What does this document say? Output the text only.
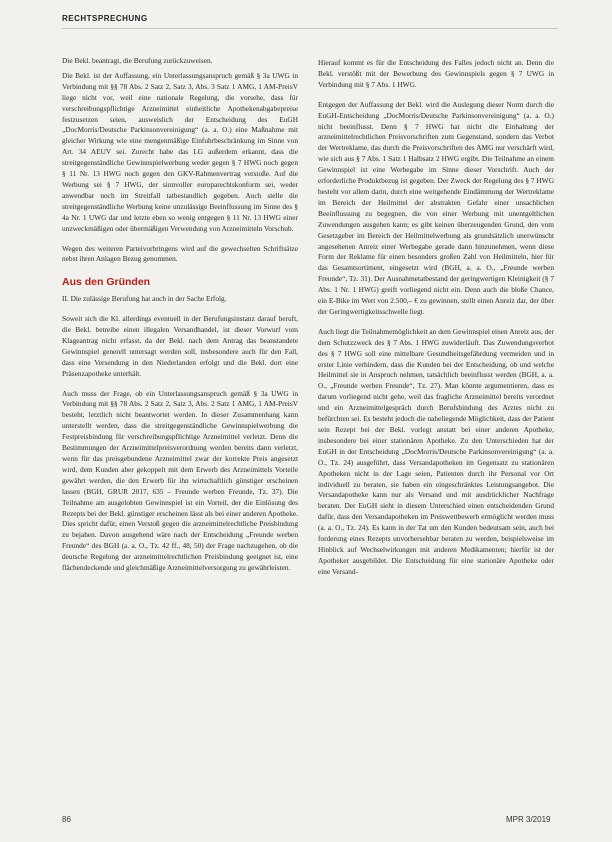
RECHTSPRECHUNG

Die Bekl. beantragt, die Berufung zurückzuweisen.

Die Bekl. ist der Auffassung, ein Unterlassungsanspruch gemäß § 3a UWG in Verbindung mit §§ 78 Abs. 2 Satz 2, Satz 3, Abs. 3 Satz 1 AMG, 1 AM-PreisV liege nicht vor, weil eine nationale Regelung, die vorsehe, dass für verschreibungspflichtige Arzneimittel einheitliche Apothekenabgabepreise festzusetzen seien, ausweislich der Entscheidung des EuGH „DocMorris/Deutsche Parkinsonvereinigung“ (a. a. O.) eine Maßnahme mit gleicher Wirkung wie eine mengenmäßige Einfuhrbeschränkung im Sinne von Art. 34 AEUV sei. Zurecht habe das LG außerdem erkannt, dass die streitgegenständliche Gewinnspielwerbung weder gegen § 7 HWG noch gegen § 11 Nr. 13 HWG noch gegen den GKV-Rahmenvertrag verstoße. Auf die Werbung sei § 7 HWG, der sinnvoller europarechtskonform sei, weder anwendbar noch im Streitfall tatbestandlich gegeben. Auch stelle die streitgegenständliche Werbung keine unzulässige Beeinflussung im Sinne des § 4a Nr. 1 UWG dar und letzte eben so wenig entgegen § 11 Nr. 13 HWG einer unzweckmäßigen oder übermäßigen Verwendung von Arzneimitteln Vorschub.

Wegen des weiteren Parteivorbringens wird auf die gewechselten Schriftsätze nebst ihren Anlagen Bezug genommen.

Aus den Gründen

II. Die zulässige Berufung hat auch in der Sache Erfolg.

Soweit sich die Kl. allerdings eventuell in der Berufungsinstanz darauf beruft, die Bekl. betreibe einen illegalen Versandhandel, ist dieser Vorwurf vom Klageantrag nicht erfasst, da der Bekl. nach dem Antrag das beanstandete Gewinnspiel generell untersagt werden soll, insbesondere auch für den Fall, dass eine Versendung in den Niederlanden erfolgt und die Bekl. dort eine Präsenzapotheke unterhält.

Auch muss der Frage, ob ein Unterlassungsanspruch gemäß § 3a UWG in Verbindung mit §§ 78 Abs. 2 Satz 2, Satz 3, Abs. 2 Satz 1 AMG, 1 AM-PreisV besteht, letztlich nicht beantwortet werden. In dieser Zusammenhang kann unterstellt werden, dass die streitgegenständliche Gewinnspielwerbung die Festpreisbindung für verschreibungspflichtige Arzneimittel verletzt. Denn die Bestimmungen der Arzneimittelpreisverordnung werden bereits dann verletzt, wenn für das preisgebundene Arzneimittel zwar der korrekte Preis angesetzt wird, dem Kunden aber gekoppelt mit dem Erwerb des Arzneimittels Vorteile gewährt werden, die den Erwerb für ihn wirtschaftlich günstiger erscheinen lassen (BGH, GRUR 2017, 635 – Freunde werben Freunde, Tz. 37). Die Teilnahme am ausgelobten Gewinnspiel ist ein Vorteil, der die Einlösung des Rezepts bei der Bekl. günstiger erscheinen lässt als bei einer anderen Apotheke. Dies spricht dafür, einen Verstoß gegen die arzneimittelrechtliche Preisbindung zu bejahen. Davon ausgehend wäre nach der Entscheidung „Freunde werben Freunde“ des BGH (a. a. O., Tz. 42 ff., 48, 50) der Frage nachzugehen, ob die deutsche Regelung der arzneimittelrechtlichen Preisbindung geeignet ist, eine flächendeckende und gleichmäßige Arzneimittelversorgung zu gewährleisten.

Hierauf kommt es für die Entscheidung des Falles jedoch nicht an. Denn die Bekl. verstößt mit der Bewerbung des Gewinnspiels gegen § 7 UWG in Verbindung mit § 7 Abs. 1 HWG.

Entgegen der Auffassung der Bekl. wird die Auslegung dieser Norm durch die EuGH-Entscheidung „DocMorris/Deutsche Parkinsonvereinigung“ (a. a. O.) nicht beeinflusst. Denn § 7 HWG hat nicht die Einhaltung der arzneimittelrechtlichen Preisvorschriften zum Gegenstand, sondern das Verbot der Wertreklame, das durch die Preisvorschriften des AMG nur verschärft wird, wie sich aus § 7 Abs. 1 Satz 1 Halbsatz 2 HWG ergibt. Die Teilnahme an einem Gewinnspiel ist eine Werbegabe im Sinne dieser Vorschrift. Auch der erforderliche Produktbezug ist gegeben. Der Zweck der Regelung des § 7 HWG besteht vor allem darin, durch eine weitgehende Eindämmung der Wertreklame im Bereich der Heilmittel der abstrakten Gefahr einer unsachlichen Beeinflussung zu begegnen, die von einer Werbung mit unentgeltlichen Zuwendungen ausgehen kann; es gibt keinen überzeugenden Grund, den vom Gesetzgeber im Bereich der Heilmittelwerbung als grundsätzlich unerwünscht angesehenen Anreiz einer Werbegabe gerade dann hinzunehmen, wenn diese Form der Reklame für einen besonders großen Zahl von Heilmitteln, hier für das Gesamtsortiment, eingesetzt wird (BGH, a. a. O., „Freunde werben Freunde“, Tz. 31). Der Ausnahmetatbestand der geringwertigen Kleinigkeit (§ 7 Abs. 1 Nr. 1 HWG) greift vorliegend nicht ein. Denn auch die bloße Chance, ein E-Bike im Wert von 2.500,– € zu gewinnen, stellt einen Anreiz dar, der über der Geringwertigkeitsschwelle liegt.

Auch liegt die Teilnahmemöglichkeit an dem Gewinnspiel einen Anreiz aus, der dem Schutzzweck des § 7 Abs. 1 HWG zuwiderläuft. Das Zuwendungsverbot des § 7 HWG soll eine mittelbare Gesundheitsgefährdung vermeiden und in erster Linie verhindern, dass die Kunden bei der Entscheidung, ob und welche Heilmittel sie in Anspruch nehmen, tatsächlich beeinflusst werden (BGH, a. a. O., „Freunde werben Freunde“, Tz. 27). Man könnte argumentieren, dass es darum vorliegend nicht gehe, weil das fragliche Arzneimittel bereits verordnet und ein Arzneimittelgespräch durch Berufsbindung des Arztes nicht zu befürchten sei. Es besteht jedoch die naheliegende Möglichkeit, dass der Patient sein Rezept bei der Bekl. vorlegt anstatt bei einer anderen Apotheke, insbesondere bei einer stationären Apotheke. Zu den Unterschieden hat der EuGH in der Entscheidung „DocMorris/Deutsche Parkinsonvereinigung“ (a. a. O., Tz. 24) ausgeführt, dass Versandapotheken im Gegensatz zu stationären Apotheken nicht in der Lage seien, Patienten durch ihr Personal vor Ort individuell zu beraten, sie haben ein eingeschränktes Leistungsangebot. Die Versandapotheke kann nur als Versand und mit ausdrücklicher Nachfrage beraten. Der EuGH sieht in diesem Unterschied einen entscheidenden Grund dafür, dass den Versandapotheken im Preiswettbewerb ermöglicht werden muss (a. a. O., Tz. 24). Es kann in der Tat um den Kunden bedeutsam sein, auch bei forderung eines Rezepts unvorhersehbar beraten zu werden, beispielsweise im Hinblick auf Wechselwirkungen mit anderen Medikamenten; hierfür ist der Apotheker ausgebildet. Die Entscheidung für eine stationäre Apotheke oder eine Versand-

86	MPR 3/2019
